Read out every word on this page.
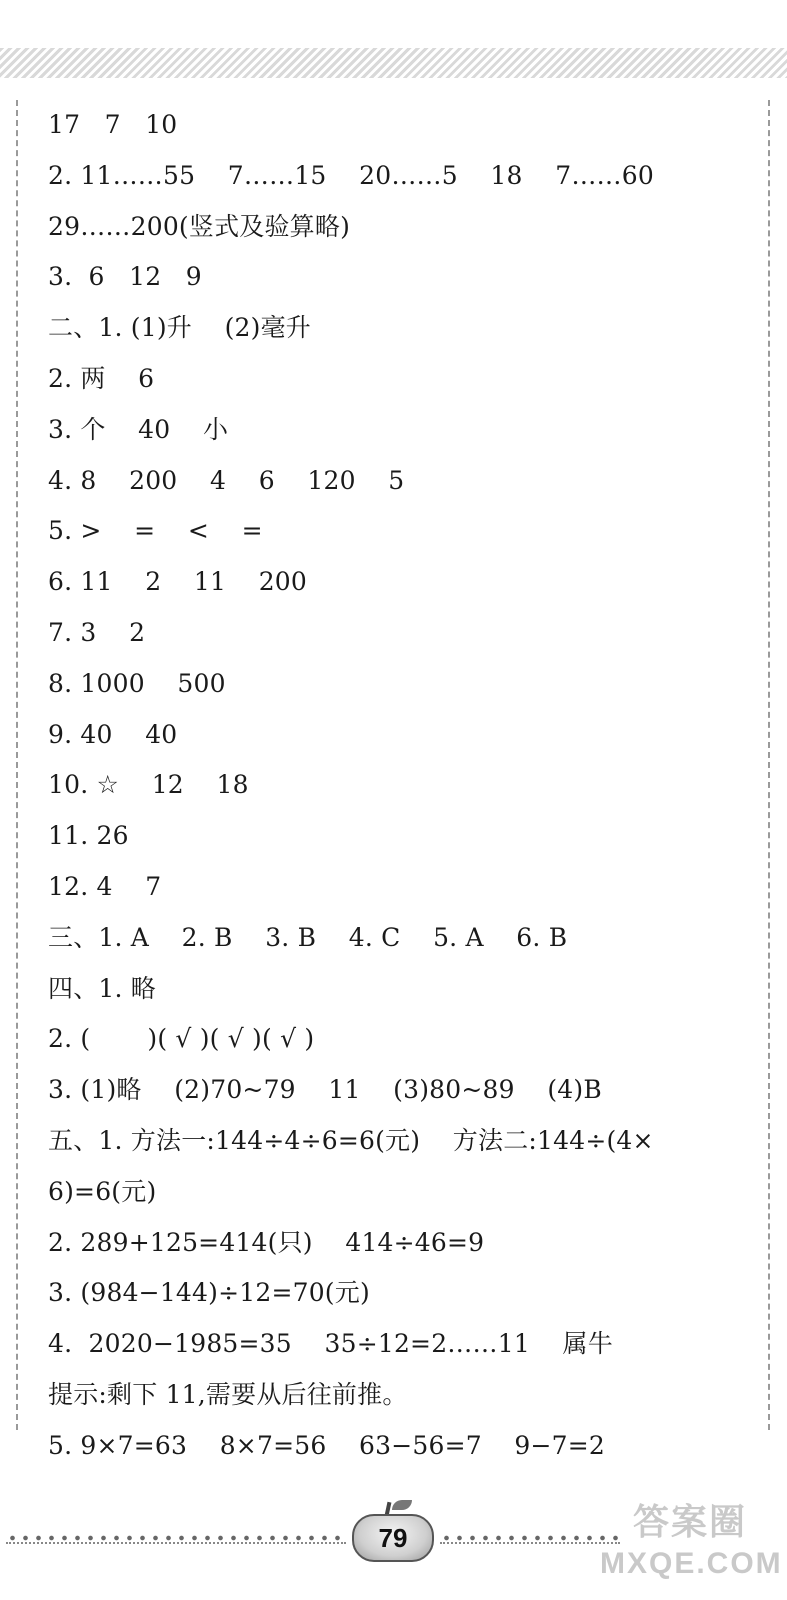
17   7   10
2. 11……55    7……15    20……5    18    7……60
29……200(竖式及验算略)
3.  6   12   9
二、1. (1)升    (2)毫升
2. 两    6
3. 个    40    小
4. 8    200    4    6    120    5
5. >    =    <    =
6. 11    2    11    200
7. 3    2
8. 1000    500
9. 40    40
10. ☆    12    18
11. 26
12. 4    7
三、1. A    2. B    3. B    4. C    5. A    6. B
四、1. 略
2. (       )( √ )( √ )( √ )
3. (1)略    (2)70~79    11    (3)80~89    (4)B
五、1. 方法一:144÷4÷6=6(元)    方法二:144÷(4×
6)=6(元)
2. 289+125=414(只)    414÷46=9
3. (984−144)÷12=70(元)
4.  2020−1985=35    35÷12=2……11    属牛
提示:剩下 11,需要从后往前推。
5. 9×7=63    8×7=56    63−56=7    9−7=2
79	答案圈
MXQE.COM
